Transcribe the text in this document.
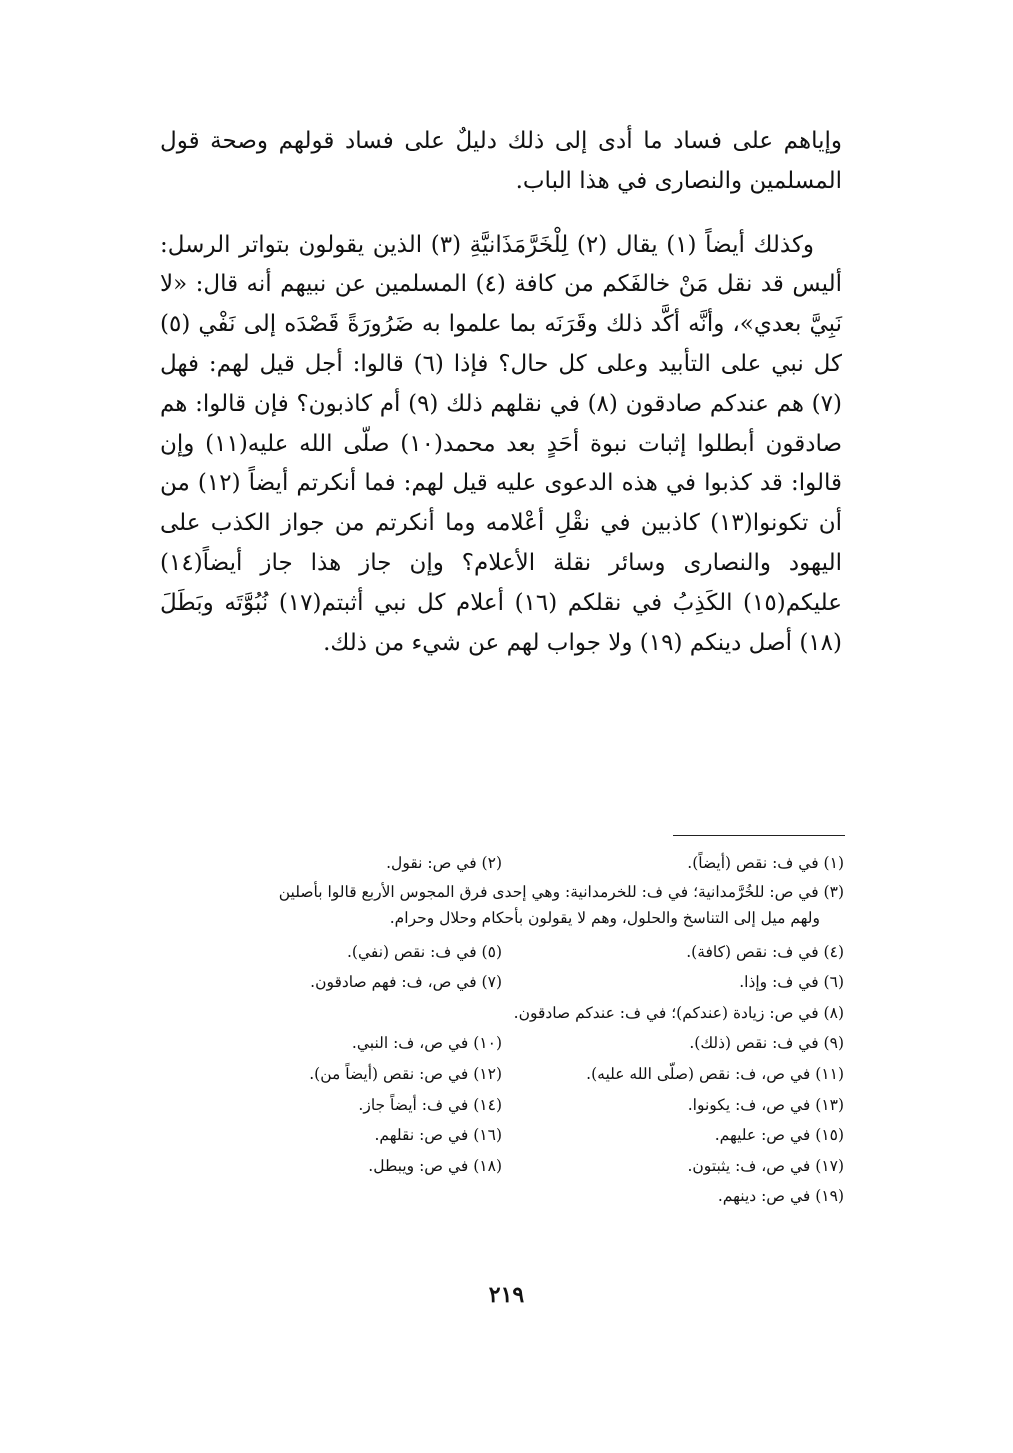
وإياهم على فساد ما أدى إلى ذلك دليلٌ على فساد قولهم وصحة قول المسلمين والنصارى في هذا الباب.

وكذلك أيضاً (١) يقال (٢) لِلْخَرَّمَذَانيَّةِ (٣) الذين يقولون بتواتر الرسل: أليس قد نقل مَنْ خالفَكم من كافة (٤) المسلمين عن نبيهم أنه قال: «لا نَبِيَّ بعدي»، وأنَّه أكَّد ذلك وقَرَنَه بما علموا به ضَرُورَةً قَصْدَه إلى نَفْي (٥) كل نبي على التأبيد وعلى كل حال؟ فإذا (٦) قالوا: أجل قيل لهم: فهل (٧) هم عندكم صادقون (٨) في نقلهم ذلك (٩) أم كاذبون؟ فإن قالوا: هم صادقون أبطلوا إثبات نبوة أحَدٍ بعد محمد(١٠) صلّى الله عليه(١١) وإن قالوا: قد كذبوا في هذه الدعوى عليه قيل لهم: فما أنكرتم أيضاً (١٢) من أن تكونوا(١٣) كاذبين في نقْلِ أعْلامه وما أنكرتم من جواز الكذب على اليهود والنصارى وسائر نقلة الأعلام؟ وإن جاز هذا جاز أيضاً(١٤) عليكم(١٥) الكَذِبُ في نقلكم (١٦) أعلام كل نبي أثبتم(١٧) نُبُوَّتَه وبَطَلَ (١٨) أصل دينكم (١٩) ولا جواب لهم عن شيء من ذلك.

(١) في ف: نقص (أيضاً).
(٢) في ص: نقول.
(٣) في ص: للخُرَّمدانية؛ في ف: للخرمدانية: وهي إحدى فرق المجوس الأربع قالوا بأصلين
ولهم ميل إلى التناسخ والحلول، وهم لا يقولون بأحكام وحلال وحرام.
(٤) في ف: نقص (كافة).
(٥) في ف: نقص (نفي).
(٦) في ف: وإذا.
(٧) في ص، ف: فهم صادقون.
(٨) في ص: زيادة (عندكم)؛ في ف: عندكم صادقون.
(٩) في ف: نقص (ذلك).
(١٠) في ص، ف: النبي.
(١١) في ص، ف: نقص (صلّى الله عليه).
(١٢) في ص: نقص (أيضاً من).
(١٣) في ص، ف: يكونوا.
(١٤) في ف: أيضاً جاز.
(١٥) في ص: عليهم.
(١٦) في ص: نقلهم.
(١٧) في ص، ف: يثبتون.
(١٨) في ص: ويبطل.
(١٩) في ص: دينهم.
٢١٩
